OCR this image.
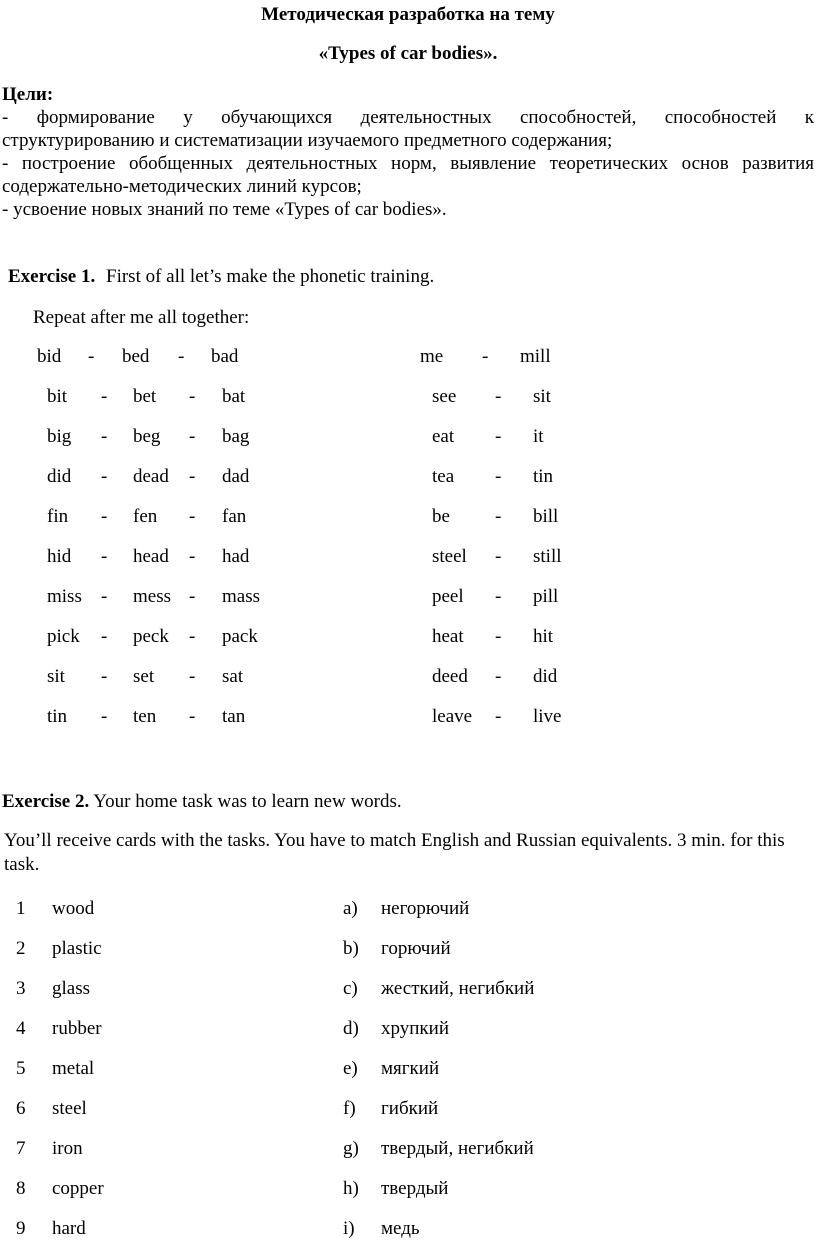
Методическая разработка на тему
«Types of car bodies».

Цели:

- формирование у обучающихся деятельностных способностей, способностей к

структурированию и систематизации изучаемого предметного содержания;

- построение обобщенных деятельностных норм, выявление теоретических основ развития

содержательно-методических линий курсов;

- усвоение новых знаний по теме «Types of car bodies».

Exercise 1. First of all let’s make the phonetic training.
Repeat after me all together:
bid - bed - bad	me - mill
bit - bet - bat	see - sit
big - beg - bag	eat - it
did - dead - dad	tea - tin
fin - fen - fan	be - bill
hid - head - had	steel - still
miss - mess - mass	peel - pill
pick - peck - pack	heat - hit
sit - set - sat	deed - did
tin - ten - tan	leave - live
Exercise 2. Your home task was to learn new words.
You’ll receive cards with the tasks. You have to match English and Russian equivalents. 3 min. for this task.
1 wood	a) негорючий
2 plastic	b) горючий
3 glass	c) жесткий, негибкий
4 rubber	d) хрупкий
5 metal	e) мягкий
6 steel	f) гибкий
7 iron	g) твердый, негибкий
8 copper	h) твердый
9 hard	i) медь
